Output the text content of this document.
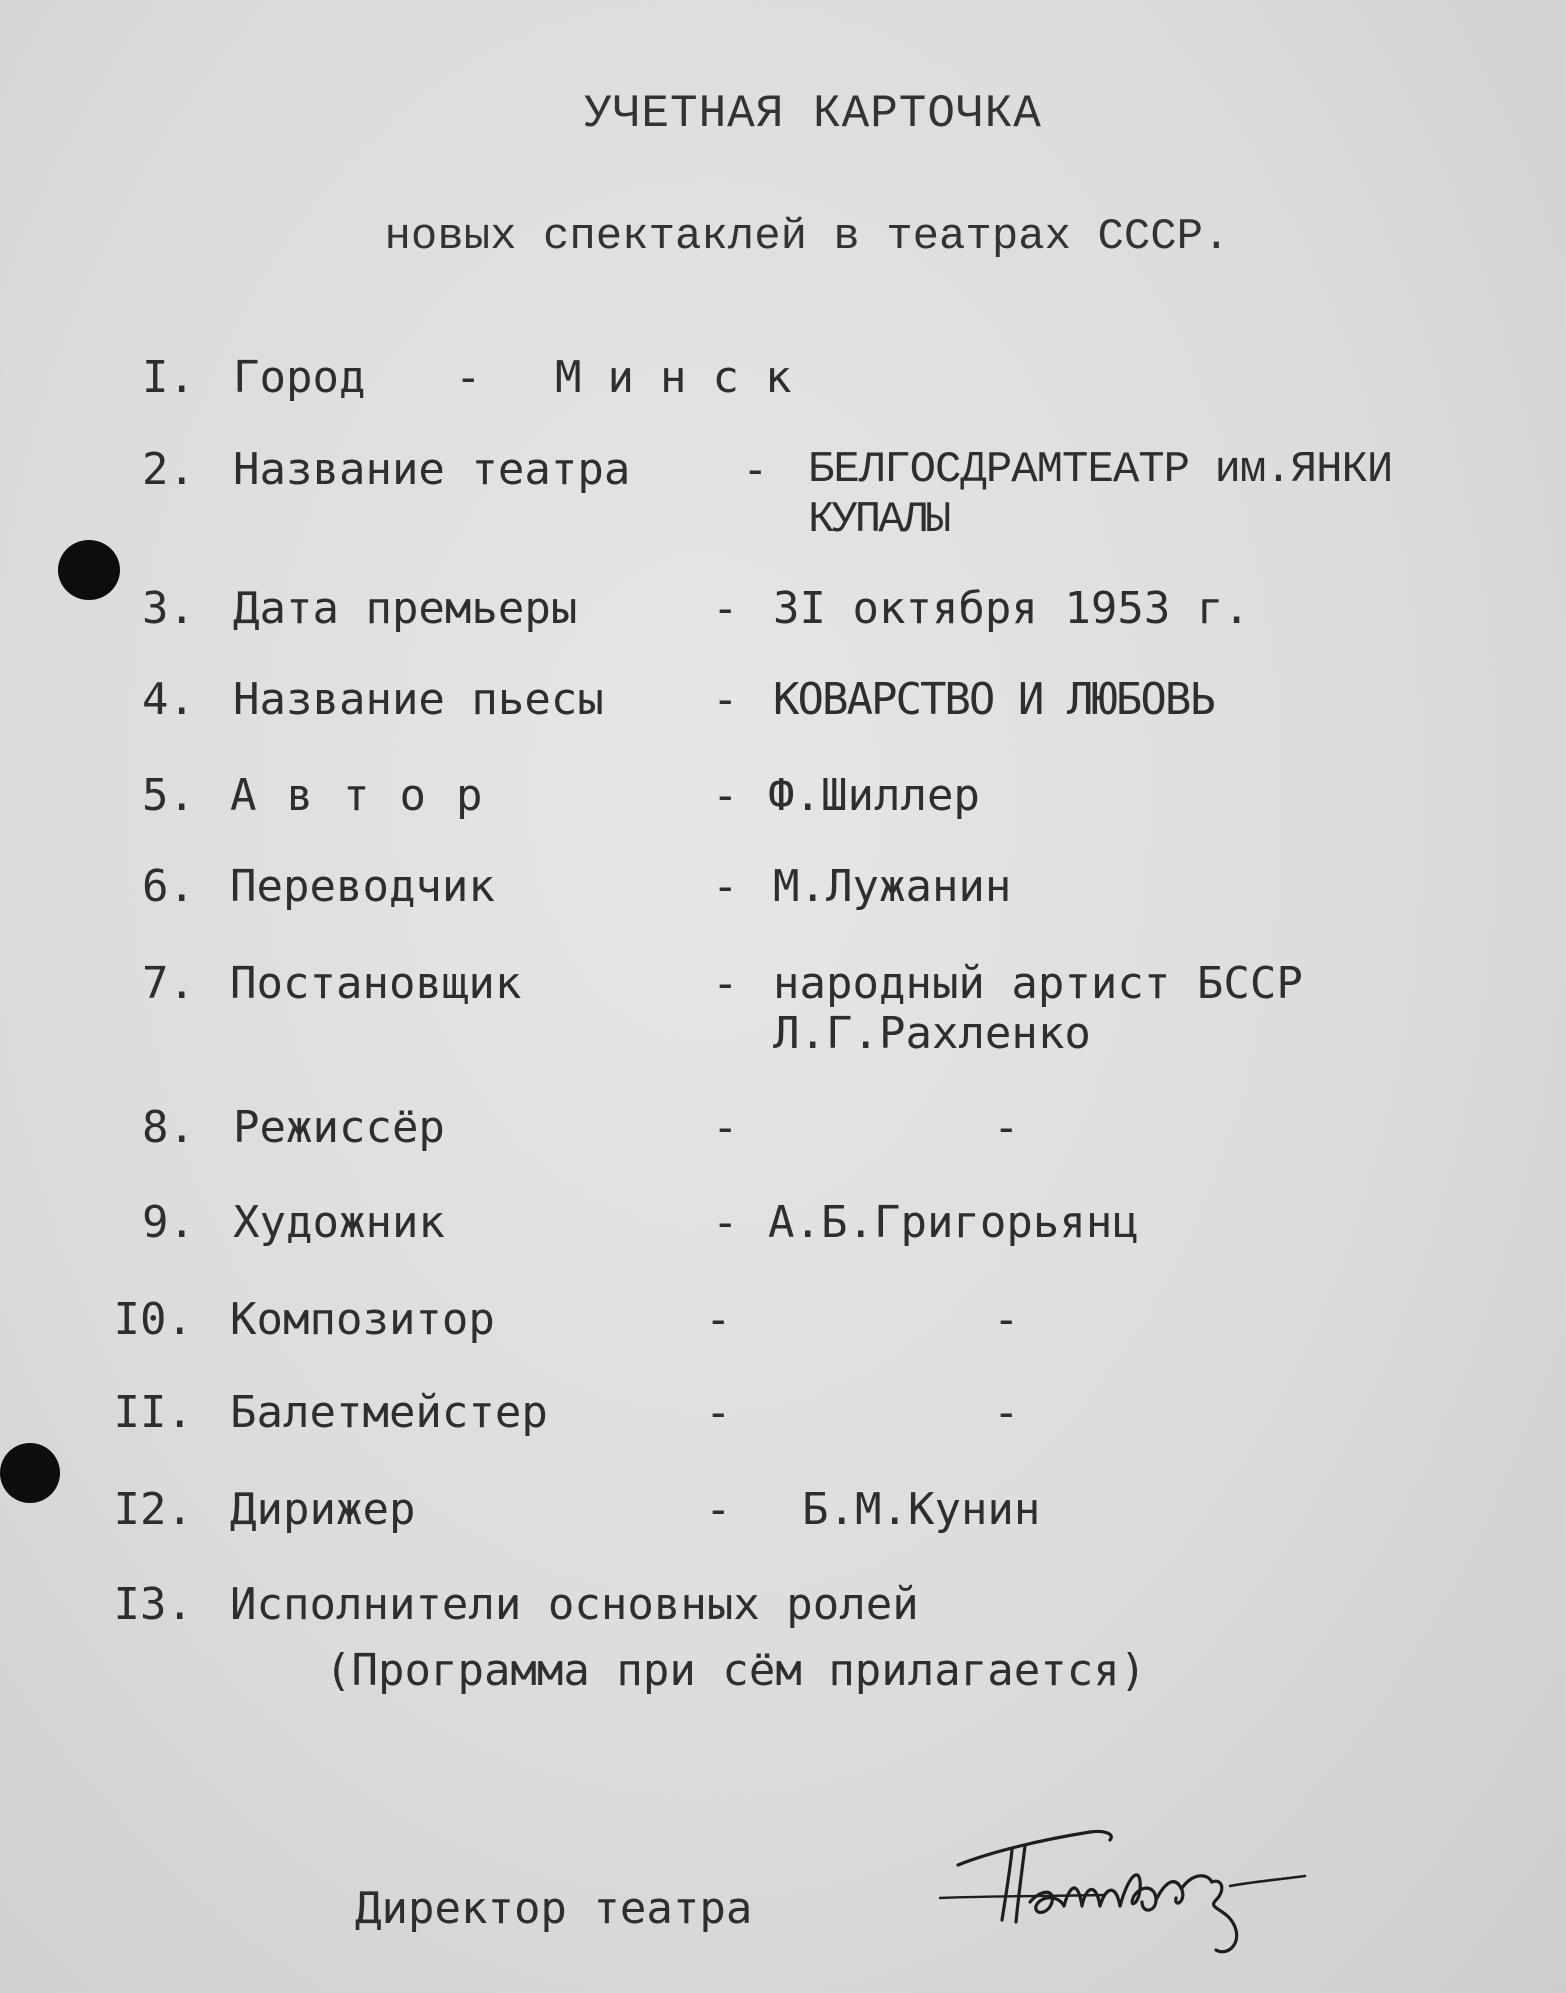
УЧЕТНАЯ КАРТОЧКА
новых спектаклей в театрах СССР.
I. Город - Минск
2. Название театра	- БЕЛГОСДРАМТЕАТР им.ЯНКИ
КУПАЛЫ
3. Дата премьеры	- 3I октября 1953 г.
4. Название пьесы - КОВАРСТВО И ЛЮБОВЬ
5. Автор	- Ф.Шиллер
6. Переводчик	- М.Лужанин
7. Постановщик	- народный артист БССР
Л.Г.Рахленко
8. Режиссёр	-	-
9. Художник	- А.Б.Григорьянц
I0. Композитор	-	-
II. Балетмейстер	-	-
I2. Дирижер	- Б.М.Кунин
I3. Исполнители основных ролей
(Программа при сём прилагается)
Директор театра
